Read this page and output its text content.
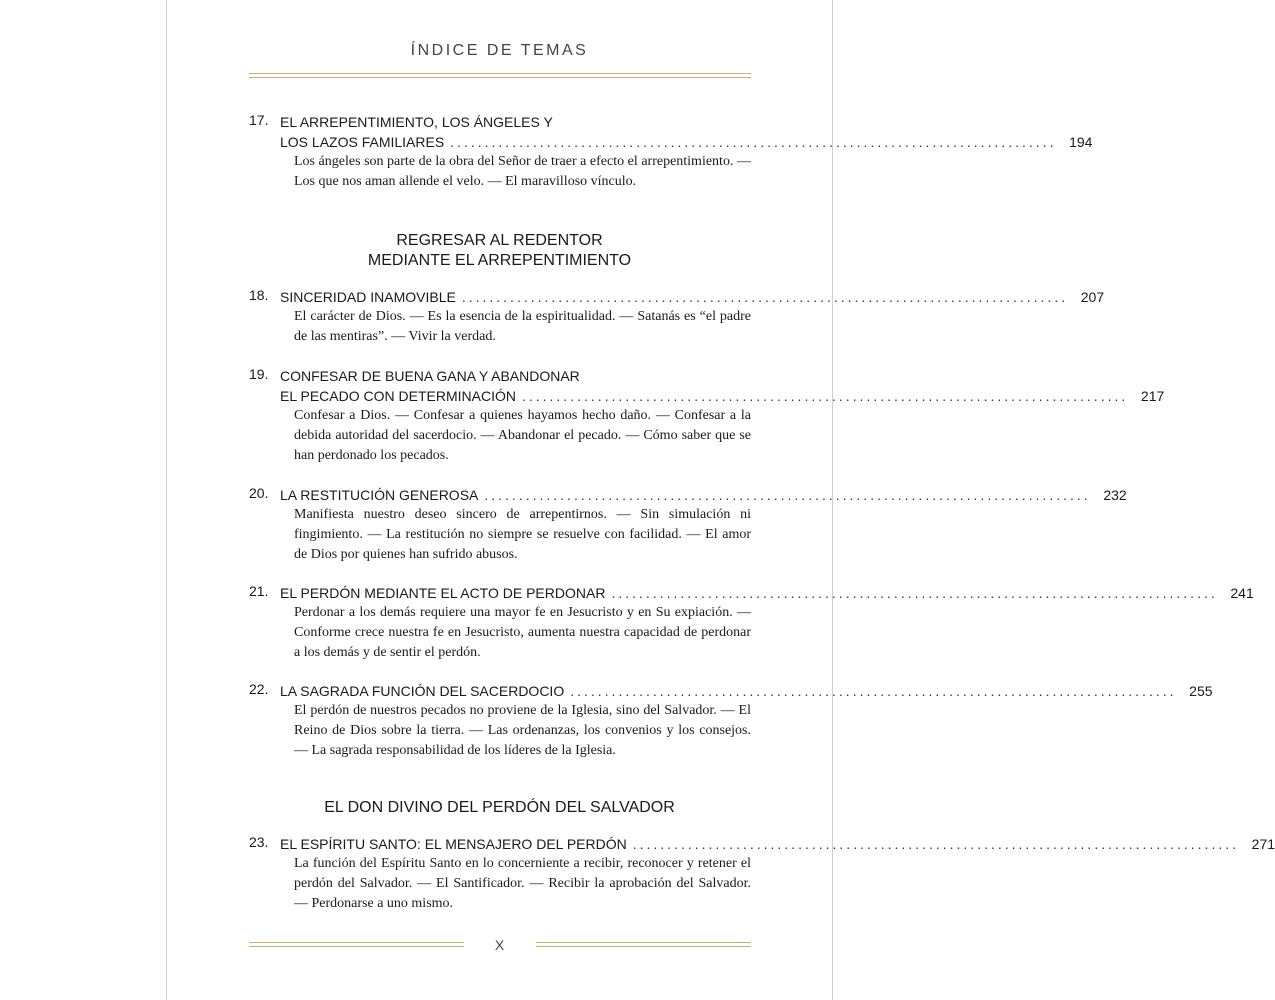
ÍNDICE DE TEMAS
17. EL ARREPENTIMIENTO, LOS ÁNGELES Y
LOS LAZOS FAMILIARES ........................................................................................ 194
Los ángeles son parte de la obra del Señor de traer a efecto el arrepentimiento. — Los que nos aman allende el velo. — El maravilloso vínculo.
REGRESAR AL REDENTOR
MEDIANTE EL ARREPENTIMIENTO
18. SINCERIDAD INAMOVIBLE ........................................................................................ 207
El carácter de Dios. — Es la esencia de la espiritualidad. — Satanás es “el padre de las mentiras”. — Vivir la verdad.
19. CONFESAR DE BUENA GANA Y ABANDONAR
EL PECADO CON DETERMINACIÓN ........................................................................................ 217
Confesar a Dios. — Confesar a quienes hayamos hecho daño. — Confesar a la debida autoridad del sacerdocio. — Abandonar el pecado. — Cómo saber que se han perdonado los pecados.
20. LA RESTITUCIÓN GENEROSA ........................................................................................ 232
Manifiesta nuestro deseo sincero de arrepentirnos. — Sin simulación ni fingimiento. — La restitución no siempre se resuelve con facilidad. — El amor de Dios por quienes han sufrido abusos.
21. EL PERDÓN MEDIANTE EL ACTO DE PERDONAR ........................................................................................ 241
Perdonar a los demás requiere una mayor fe en Jesucristo y en Su expiación. — Conforme crece nuestra fe en Jesucristo, aumenta nuestra capacidad de perdonar a los demás y de sentir el perdón.
22. LA SAGRADA FUNCIÓN DEL SACERDOCIO ........................................................................................ 255
El perdón de nuestros pecados no proviene de la Iglesia, sino del Salvador. — El Reino de Dios sobre la tierra. — Las ordenanzas, los convenios y los consejos. — La sagrada responsabilidad de los líderes de la Iglesia.
EL DON DIVINO DEL PERDÓN DEL SALVADOR
23. EL ESPÍRITU SANTO: EL MENSAJERO DEL PERDÓN ........................................................................................ 271
La función del Espíritu Santo en lo concerniente a recibir, reconocer y retener el perdón del Salvador. — El Santificador. — Recibir la aprobación del Salvador. — Perdonarse a uno mismo.
X
